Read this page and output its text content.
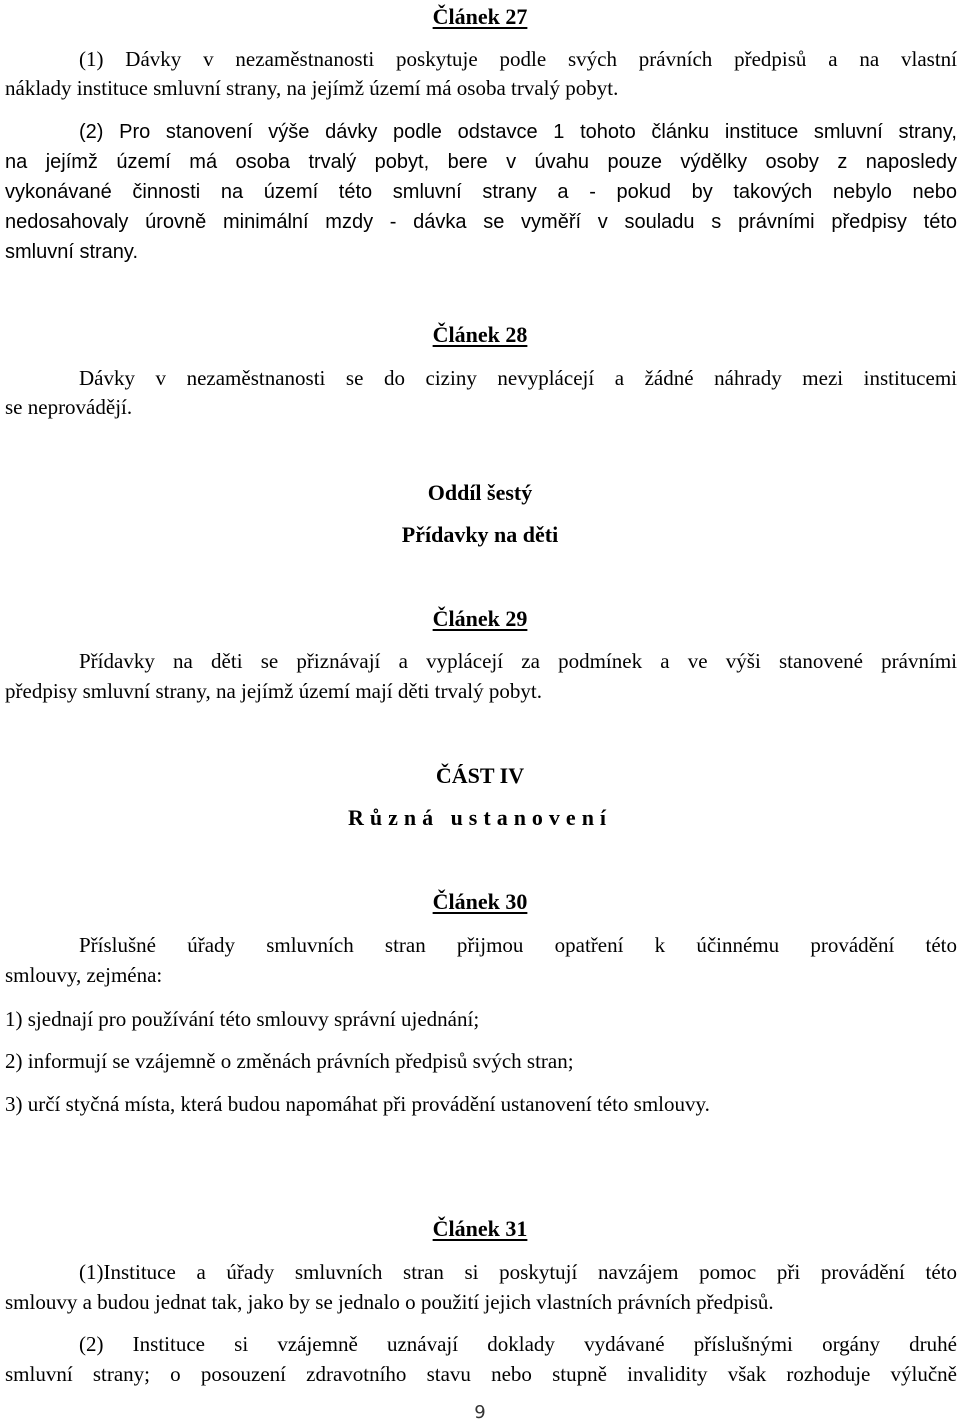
Článek 27
(1) Dávky v nezaměstnanosti poskytuje podle svých právních předpisů a na vlastní
náklady instituce smluvní strany, na jejímž území má osoba trvalý pobyt.
(2) Pro stanovení výše dávky podle odstavce 1 tohoto článku instituce smluvní strany,
na jejímž území má osoba trvalý pobyt, bere v úvahu pouze výdělky osoby z naposledy
vykonávané činnosti na území této smluvní strany a - pokud by takových nebylo nebo
nedosahovaly úrovně minimální mzdy - dávka se vyměří v souladu s právními předpisy této
smluvní strany.
Článek 28
Dávky v nezaměstnanosti se do ciziny nevyplácejí a žádné náhrady mezi institucemi
se neprovádějí.
Oddíl šestý
Přídavky na děti
Článek 29
Přídavky na děti se přiznávají a vyplácejí za podmínek a ve výši stanovené právními
předpisy smluvní strany, na jejímž území mají děti trvalý pobyt.
ČÁST IV
Různá ustanovení
Článek 30
Příslušné úřady smluvních stran přijmou opatření k účinnému provádění této
smlouvy, zejména:
1) sjednají pro používání této smlouvy správní ujednání;
2) informují se vzájemně o změnách právních předpisů svých stran;
3) určí styčná místa, která budou napomáhat při provádění ustanovení této smlouvy.
Článek 31
(1)Instituce a úřady smluvních stran si poskytují navzájem pomoc při provádění této
smlouvy a budou jednat tak, jako by se jednalo o použití jejich vlastních právních předpisů.
(2) Instituce si vzájemně uznávají doklady vydávané příslušnými orgány druhé
smluvní strany; o posouzení zdravotního stavu nebo stupně invalidity však rozhoduje výlučně
9
